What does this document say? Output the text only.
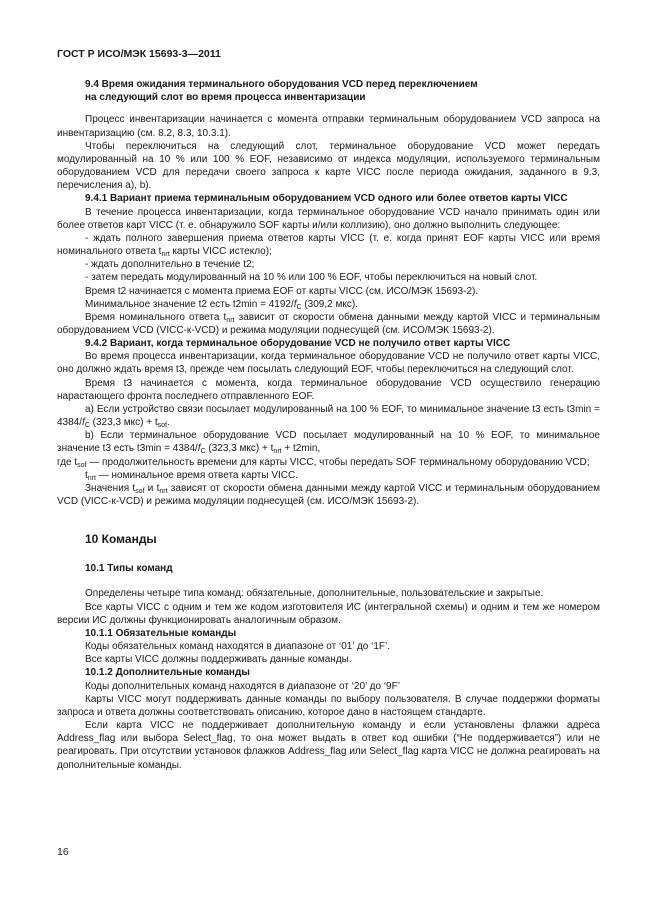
ГОСТ Р ИСО/МЭК 15693-3—2011

9.4 Время ожидания терминального оборудования VCD перед переключением

на следующий слот во время процесса инвентаризации

Процесс инвентаризации начинается с момента отправки терминальным оборудованием VCD запроса на инвентаризацию (см. 8.2, 8.3, 10.3.1).

Чтобы переключиться на следующий слот, терминальное оборудование VCD может передать модулированный на 10 % или 100 % EOF, независимо от индекса модуляции, используемого терминальным оборудованием VCD для передачи своего запроса к карте VICC после периода ожидания, заданного в 9.3, перечисления а), b).

9.4.1 Вариант приема терминальным оборудованием VCD одного или более ответов карты VICC

В течение процесса инвентаризации, когда терминальное оборудование VCD начало принимать один или более ответов карт VICC (т. е. обнаружило SOF карты и/или коллизию), оно должно выполнить следующее:

- ждать полного завершения приема ответов карты VICC (т. е. когда принят EOF карты VICC или время номинального ответа $t_{nrt}$ карты VICC истекло);

- ждать дополнительно в течение t2;

- затем передать модулированный на 10 % или 100 % EOF, чтобы переключиться на новый слот.

Время t2 начинается с момента приема EOF от карты VICC (см. ИСО/МЭК 15693-2).

Минимальное значение t2 есть $t2\min = 4192/f_C$ (309,2 мкс).

Время номинального ответа $t_{nrt}$ зависит от скорости обмена данными между картой VICC и терминальным оборудованием VCD (VICC-к-VCD) и режима модуляции поднесущей (см. ИСО/МЭК 15693-2).

9.4.2 Вариант, когда терминальное оборудование VCD не получило ответ карты VICC

Во время процесса инвентаризации, когда терминальное оборудование VCD не получило ответ карты VICC, оно должно ждать время t3, прежде чем посылать следующий EOF, чтобы переключиться на следующий слот.

Время t3 начинается с момента, когда терминальное оборудование VCD осуществило генерацию нарастающего фронта последнего отправленного EOF.

а) Если устройство связи посылает модулированный на 100 % EOF, то минимальное значение t3 есть $t3\min = 4384/f_C$ (323,3 $мкс) + t_{sof}$.

b) Если терминальное оборудование VCD посылает модулированный на 10 % EOF, то минимальное значение t3 есть $t3\min = 4384/f_C$ (323,3 $мкс) + t_{nrt} + t2\min$,

где $t_{sof}$ — продолжительность времени для карты VICC, чтобы передать SOF терминальному оборудованию VCD;

$t_{nrt}$ — номинальное время ответа карты VICC.

Значения $t_{sof}$ и $t_{nrt}$ зависят от скорости обмена данными между картой VICC и терминальным оборудованием VCD (VICC-к-VCD) и режима модуляции поднесущей (см. ИСО/МЭК 15693-2).

10 Команды

10.1 Типы команд

Определены четыре типа команд: обязательные, дополнительные, пользовательские и закрытые.

Все карты VICC с одним и тем же кодом изготовителя ИС (интегральной схемы) и одним и тем же номером версии ИС должны функционировать аналогичным образом.

10.1.1 Обязательные команды

Коды обязательных команд находятся в диапазоне от ‘01’ до ‘1F’.

Все карты VICC должны поддерживать данные команды.

10.1.2 Дополнительные команды

Коды дополнительных команд находятся в диапазоне от ‘20’ до ‘9F’

Карты VICC могут поддерживать данные команды по выбору пользователя. В случае поддержки форматы запроса и ответа должны соответствовать описанию, которое дано в настоящем стандарте.

Если карта VICC не поддерживает дополнительную команду и если установлены флажки адреса Address_flag или выбора Select_flag, то она может выдать в ответ код ошибки (“Не поддерживается”) или не реагировать. При отсутствии установок флажков Address_flag или Select_flag карта VICC не должна реагировать на дополнительные команды.

16
